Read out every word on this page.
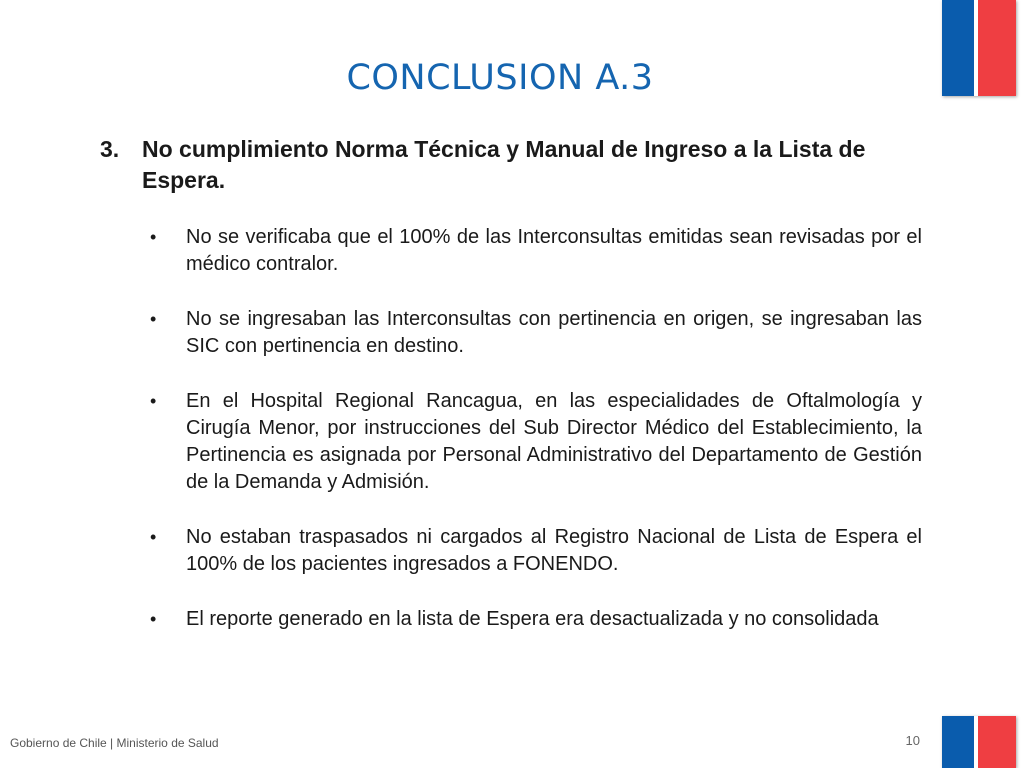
CONCLUSION A.3
3. No cumplimiento Norma Técnica y Manual de Ingreso a la Lista de Espera.
•	No se verificaba que el 100% de las Interconsultas emitidas sean revisadas por el médico contralor.
•	No se ingresaban las Interconsultas con pertinencia en origen, se ingresaban las SIC con pertinencia en destino.
•	En el Hospital Regional Rancagua, en las especialidades de Oftalmología y Cirugía Menor, por instrucciones del Sub Director Médico del Establecimiento, la Pertinencia es asignada por Personal Administrativo del Departamento de Gestión de la Demanda y Admisión.
•	No estaban traspasados ni cargados al Registro Nacional de Lista de Espera el 100% de los pacientes ingresados a FONENDO.
•	El reporte generado en la lista de Espera era desactualizada y no consolidada
Gobierno de Chile | Ministerio de Salud	10
